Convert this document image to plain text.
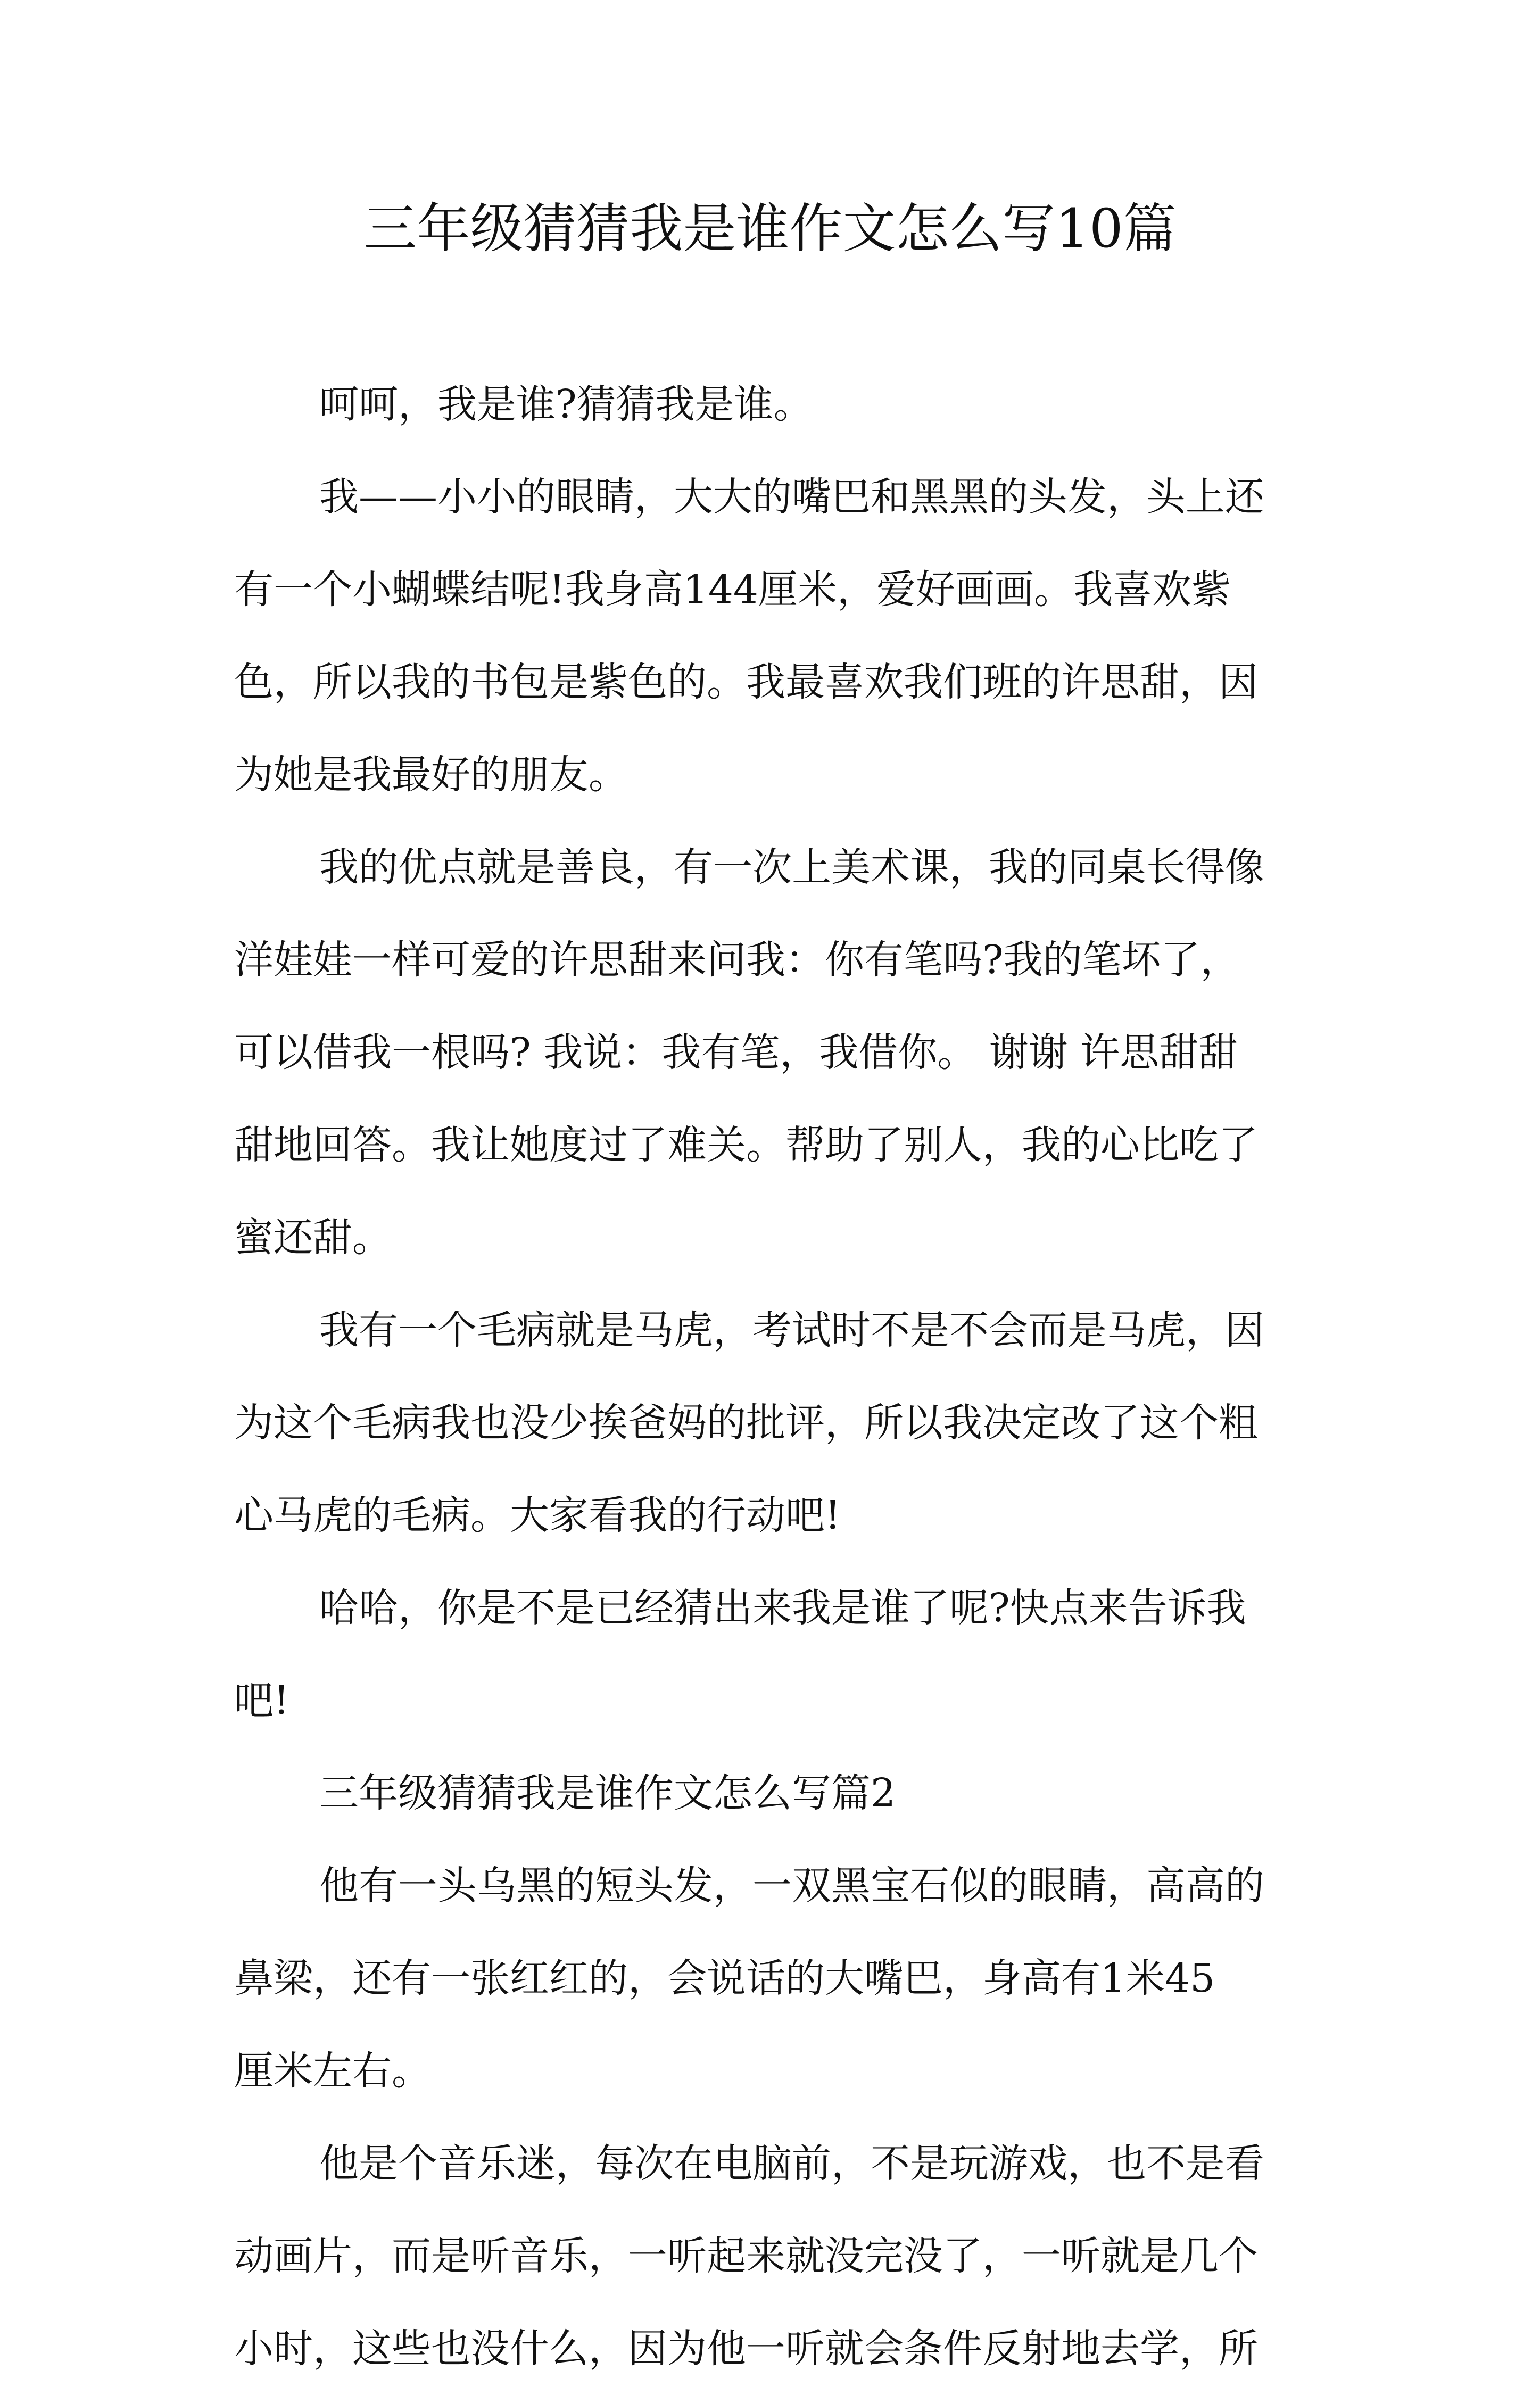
三年级猜猜我是谁作文怎么写10篇
呵呵，我是谁?猜猜我是谁。
我——小小的眼睛，大大的嘴巴和黑黑的头发，头上还
有一个小蝴蝶结呢!我身高144厘米，爱好画画。我喜欢紫
色，所以我的书包是紫色的。我最喜欢我们班的许思甜，因
为她是我最好的朋友。
我的优点就是善良，有一次上美术课，我的同桌长得像
洋娃娃一样可爱的许思甜来问我：你有笔吗?我的笔坏了，
可以借我一根吗? 我说：我有笔，我借你。 谢谢 许思甜甜
甜地回答。我让她度过了难关。帮助了别人，我的心比吃了
蜜还甜。
我有一个毛病就是马虎，考试时不是不会而是马虎，因
为这个毛病我也没少挨爸妈的批评，所以我决定改了这个粗
心马虎的毛病。大家看我的行动吧!
哈哈，你是不是已经猜出来我是谁了呢?快点来告诉我
吧!
三年级猜猜我是谁作文怎么写篇2
他有一头乌黑的短头发，一双黑宝石似的眼睛，高高的
鼻梁，还有一张红红的，会说话的大嘴巴，身高有1米45
厘米左右。
他是个音乐迷，每次在电脑前，不是玩游戏，也不是看
动画片，而是听音乐，一听起来就没完没了，一听就是几个
小时，这些也没什么，因为他一听就会条件反射地去学，所
